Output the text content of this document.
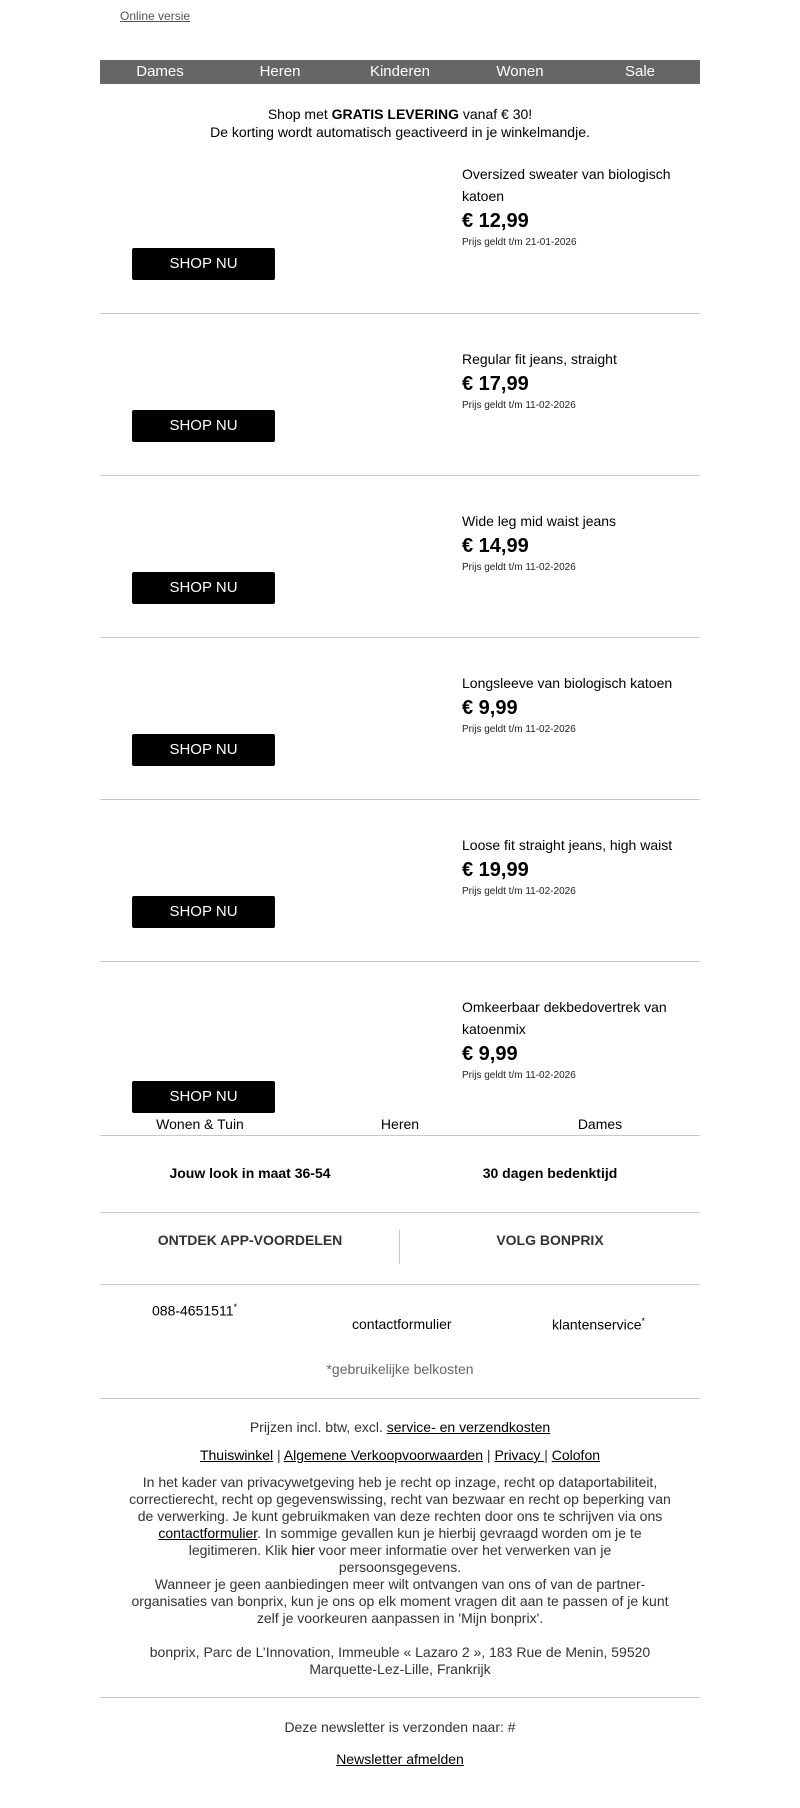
Online versie
Dames	Heren	Kinderen	Wonen	Sale
Shop met GRATIS LEVERING vanaf € 30!
De korting wordt automatisch geactiveerd in je winkelmandje.
Oversized sweater van biologisch katoen
€ 12,99
Prijs geldt t/m 21-01-2026
SHOP NU
Regular fit jeans, straight
€ 17,99
Prijs geldt t/m 11-02-2026
SHOP NU
Wide leg mid waist jeans
€ 14,99
Prijs geldt t/m 11-02-2026
SHOP NU
Longsleeve van biologisch katoen
€ 9,99
Prijs geldt t/m 11-02-2026
SHOP NU
Loose fit straight jeans, high waist
€ 19,99
Prijs geldt t/m 11-02-2026
SHOP NU
Omkeerbaar dekbedovertrek van katoenmix
€ 9,99
Prijs geldt t/m 11-02-2026
SHOP NU
Wonen & Tuin	Heren	Dames
Jouw look in maat 36-54	30 dagen bedenktijd
ONTDEK APP-VOORDELEN	VOLG BONPRIX
088-4651511*
contactformulier	klantenservice*
*gebruikelijke belkosten
Prijzen incl. btw, excl. service- en verzendkosten
Thuiswinkel | Algemene Verkoopvoorwaarden | Privacy | Colofon
In het kader van privacywetgeving heb je recht op inzage, recht op dataportabiliteit, correctierecht, recht op gegevenswissing, recht van bezwaar en recht op beperking van de verwerking. Je kunt gebruikmaken van deze rechten door ons te schrijven via ons contactformulier. In sommige gevallen kun je hierbij gevraagd worden om je te legitimeren. Klik hier voor meer informatie over het verwerken van je persoonsgegevens.
Wanneer je geen aanbiedingen meer wilt ontvangen van ons of van de partner-organisaties van bonprix, kun je ons op elk moment vragen dit aan te passen of je kunt zelf je voorkeuren aanpassen in 'Mijn bonprix'.
bonprix, Parc de L’Innovation, Immeuble « Lazaro 2 », 183 Rue de Menin, 59520
Marquette-Lez-Lille, Frankrijk
Deze newsletter is verzonden naar: #
Newsletter afmelden
